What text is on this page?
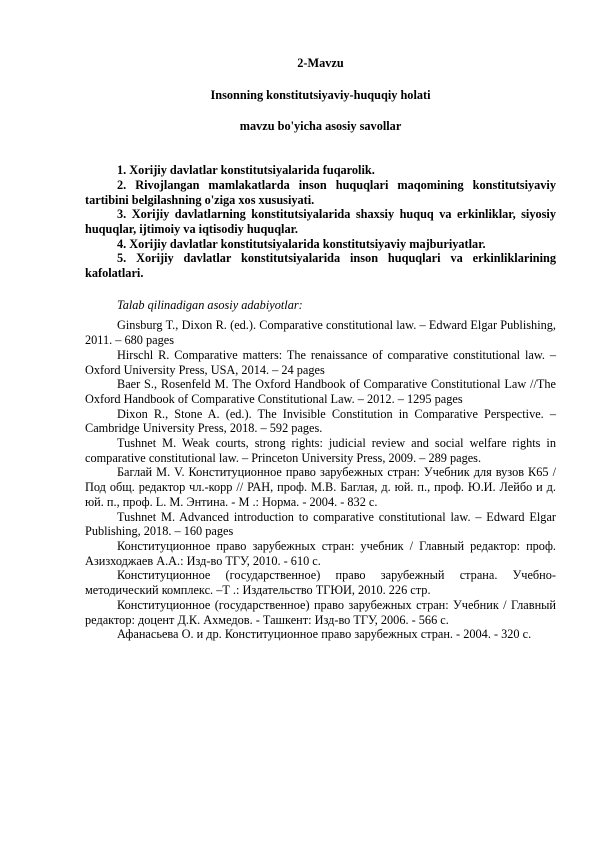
2-Mavzu

Insonning konstitutsiyaviy-huquqiy holati

mavzu bo'yicha asosiy savollar

1. Xorijiy davlatlar konstitutsiyalarida fuqarolik.

2. Rivojlangan mamlakatlarda inson huquqlari maqomining konstitutsiyaviy tartibini belgilashning o'ziga xos xususiyati.

3. Xorijiy davlatlarning konstitutsiyalarida shaxsiy huquq va erkinliklar, siyosiy huquqlar, ijtimoiy va iqtisodiy huquqlar.

4. Xorijiy davlatlar konstitutsiyalarida konstitutsiyaviy majburiyatlar.

5. Xorijiy davlatlar konstitutsiyalarida inson huquqlari va erkinliklarining kafolatlari.

Talab qilinadigan asosiy adabiyotlar:

Ginsburg T., Dixon R. (ed.). Comparative constitutional law. – Edward Elgar Publishing, 2011. – 680 pages

Hirschl R. Comparative matters: The renaissance of comparative constitutional law. – Oxford University Press, USA, 2014. – 24 pages

Baer S., Rosenfeld M. The Oxford Handbook of Comparative Constitutional Law //The Oxford Handbook of Comparative Constitutional Law. – 2012. – 1295 pages

Dixon R., Stone A. (ed.). The Invisible Constitution in Comparative Perspective. – Cambridge University Press, 2018. – 592 pages.

Tushnet M. Weak courts, strong rights: judicial review and social welfare rights in comparative constitutional law. – Princeton University Press, 2009. – 289 pages.

Баглай М. V. Конституционное право зарубежных стран: Учебник для вузов К65 / Под общ. редактор чл.-корр // РАН, проф. М.В. Баглая, д. юй. п., проф. Ю.И. Лейбо и д. юй. п., проф. L. М. Энтина. - М .: Норма. - 2004. - 832 с.

Tushnet M. Advanced introduction to comparative constitutional law. – Edward Elgar Publishing, 2018. – 160 pages

Конституционное право зарубежных стран: учебник / Главный редактор: проф. Азизходжаев А.А.: Изд-во ТГУ, 2010. - 610 с.

Конституционное (государственное) право зарубежный страна. Учебно-методический комплекс. –Т .: Издательство ТГЮИ, 2010. 226 стр.

Конституционное (государственное) право зарубежных стран: Учебник / Главный редактор: доцент Д.К. Ахмедов. - Ташкент: Изд-во ТГУ, 2006. - 566 с.

Афанасьева О. и др. Конституционное право зарубежных стран. - 2004. - 320 с.
